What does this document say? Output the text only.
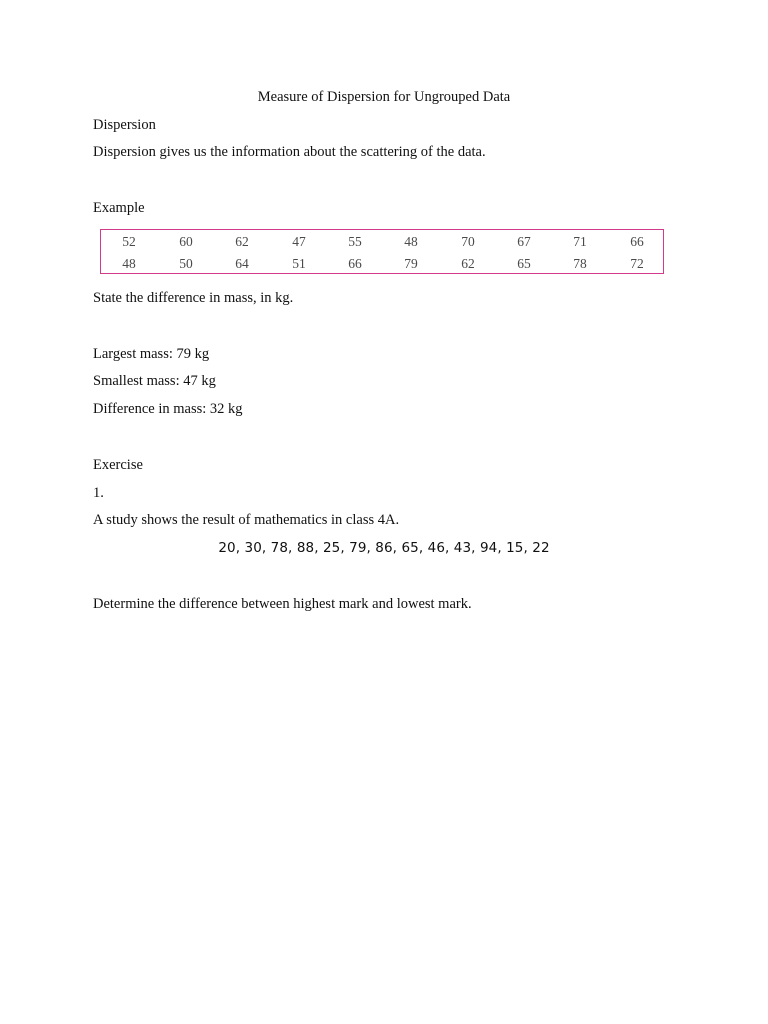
Measure of Dispersion for Ungrouped Data
Dispersion
Dispersion gives us the information about the scattering of the data.
Example
52	60	62	47	55	48	70	67	71	66
48	50	64	51	66	79	62	65	78	72
State the difference in mass, in kg.
Largest mass: 79 kg
Smallest mass: 47 kg
Difference in mass: 32 kg
Exercise
1.
A study shows the result of mathematics in class 4A.
20, 30, 78, 88, 25, 79, 86, 65, 46, 43, 94, 15, 22
Determine the difference between highest mark and lowest mark.
